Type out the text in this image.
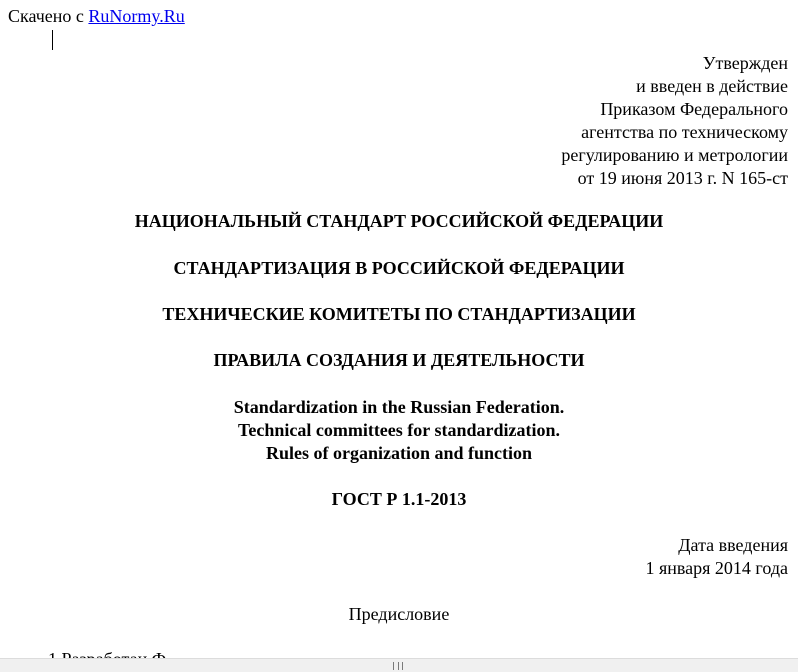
Скачено с RuNormy.Ru
Утвержден
и введен в действие
Приказом Федерального
агентства по техническому
регулированию и метрологии
от 19 июня 2013 г. N 165-ст
НАЦИОНАЛЬНЫЙ СТАНДАРТ РОССИЙСКОЙ ФЕДЕРАЦИИ
СТАНДАРТИЗАЦИЯ В РОССИЙСКОЙ ФЕДЕРАЦИИ
ТЕХНИЧЕСКИЕ КОМИТЕТЫ ПО СТАНДАРТИЗАЦИИ
ПРАВИЛА СОЗДАНИЯ И ДЕЯТЕЛЬНОСТИ
Standardization in the Russian Federation.
Technical committees for standardization.
Rules of organization and function
ГОСТ Р 1.1-2013
Дата введения
1 января 2014 года
Предисловие
